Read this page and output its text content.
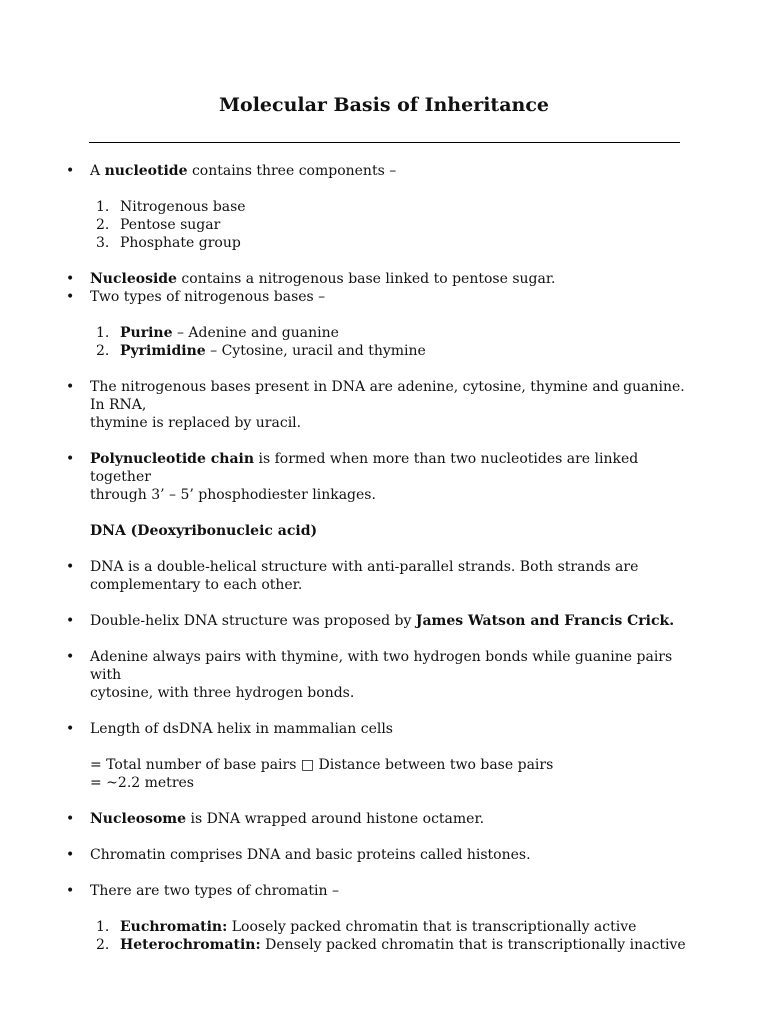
Molecular Basis of Inheritance
• A nucleotide contains three components –
1. Nitrogenous base
2. Pentose sugar
3. Phosphate group
• Nucleoside contains a nitrogenous base linked to pentose sugar.
• Two types of nitrogenous bases –
1. Purine – Adenine and guanine
2. Pyrimidine – Cytosine, uracil and thymine
• The nitrogenous bases present in DNA are adenine, cytosine, thymine and guanine. In RNA,
thymine is replaced by uracil.
• Polynucleotide chain is formed when more than two nucleotides are linked together
through 3’ – 5’ phosphodiester linkages.
DNA (Deoxyribonucleic acid)
• DNA is a double-helical structure with anti-parallel strands. Both strands are
complementary to each other.
• Double-helix DNA structure was proposed by James Watson and Francis Crick.
• Adenine always pairs with thymine, with two hydrogen bonds while guanine pairs with
cytosine, with three hydrogen bonds.
• Length of dsDNA helix in mammalian cells
= Total number of base pairs □ Distance between two base pairs
= ~2.2 metres
• Nucleosome is DNA wrapped around histone octamer.
• Chromatin comprises DNA and basic proteins called histones.
• There are two types of chromatin –
1. Euchromatin: Loosely packed chromatin that is transcriptionally active
2. Heterochromatin: Densely packed chromatin that is transcriptionally inactive
